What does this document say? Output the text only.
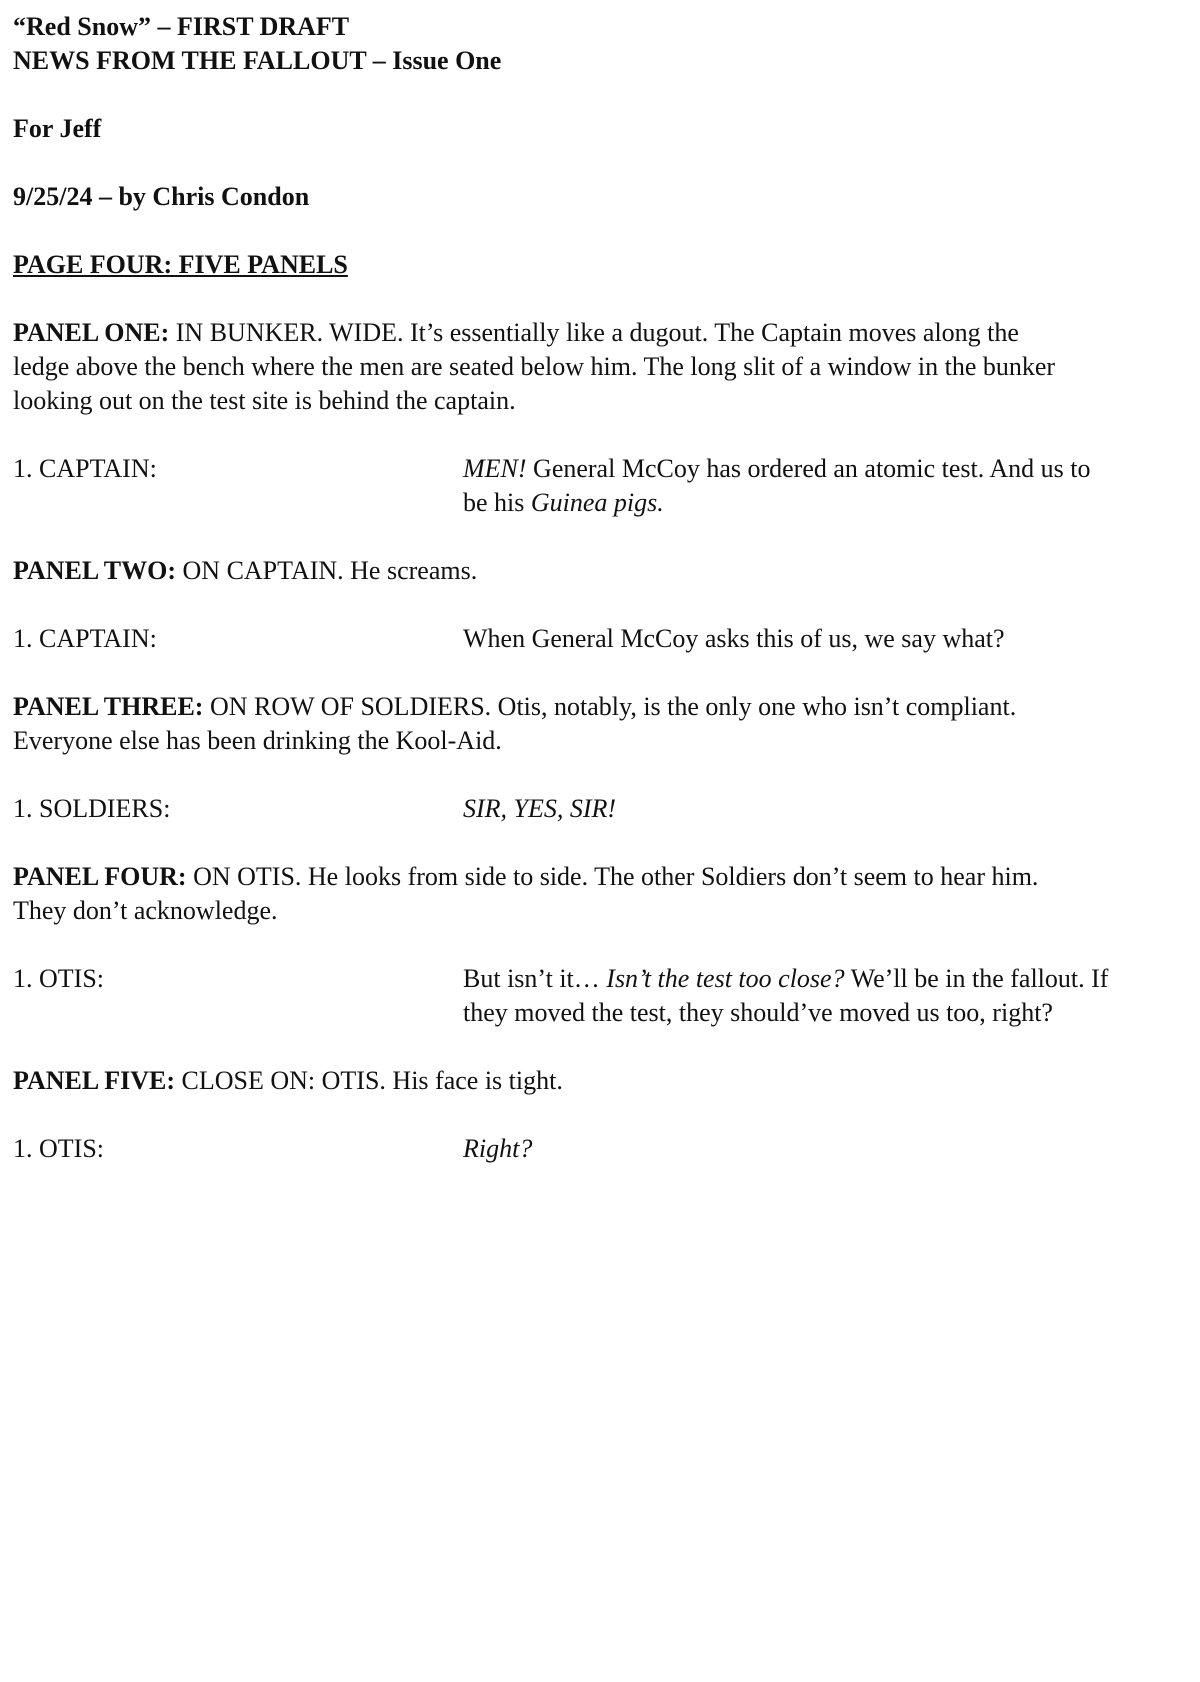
“Red Snow” – FIRST DRAFT
NEWS FROM THE FALLOUT – Issue One
For Jeff
9/25/24 – by Chris Condon
PAGE FOUR: FIVE PANELS
PANEL ONE: IN BUNKER. WIDE. It’s essentially like a dugout. The Captain moves along the
ledge above the bench where the men are seated below him. The long slit of a window in the bunker
looking out on the test site is behind the captain.
1. CAPTAIN:	MEN! General McCoy has ordered an atomic test. And us to
be his Guinea pigs.
PANEL TWO: ON CAPTAIN. He screams.
1. CAPTAIN:	When General McCoy asks this of us, we say what?
PANEL THREE: ON ROW OF SOLDIERS. Otis, notably, is the only one who isn’t compliant.
Everyone else has been drinking the Kool-Aid.
1. SOLDIERS:	SIR, YES, SIR!
PANEL FOUR: ON OTIS. He looks from side to side. The other Soldiers don’t seem to hear him.
They don’t acknowledge.
1. OTIS:	But isn’t it… Isn’t the test too close? We’ll be in the fallout. If
they moved the test, they should’ve moved us too, right?
PANEL FIVE: CLOSE ON: OTIS. His face is tight.
1. OTIS:	Right?
